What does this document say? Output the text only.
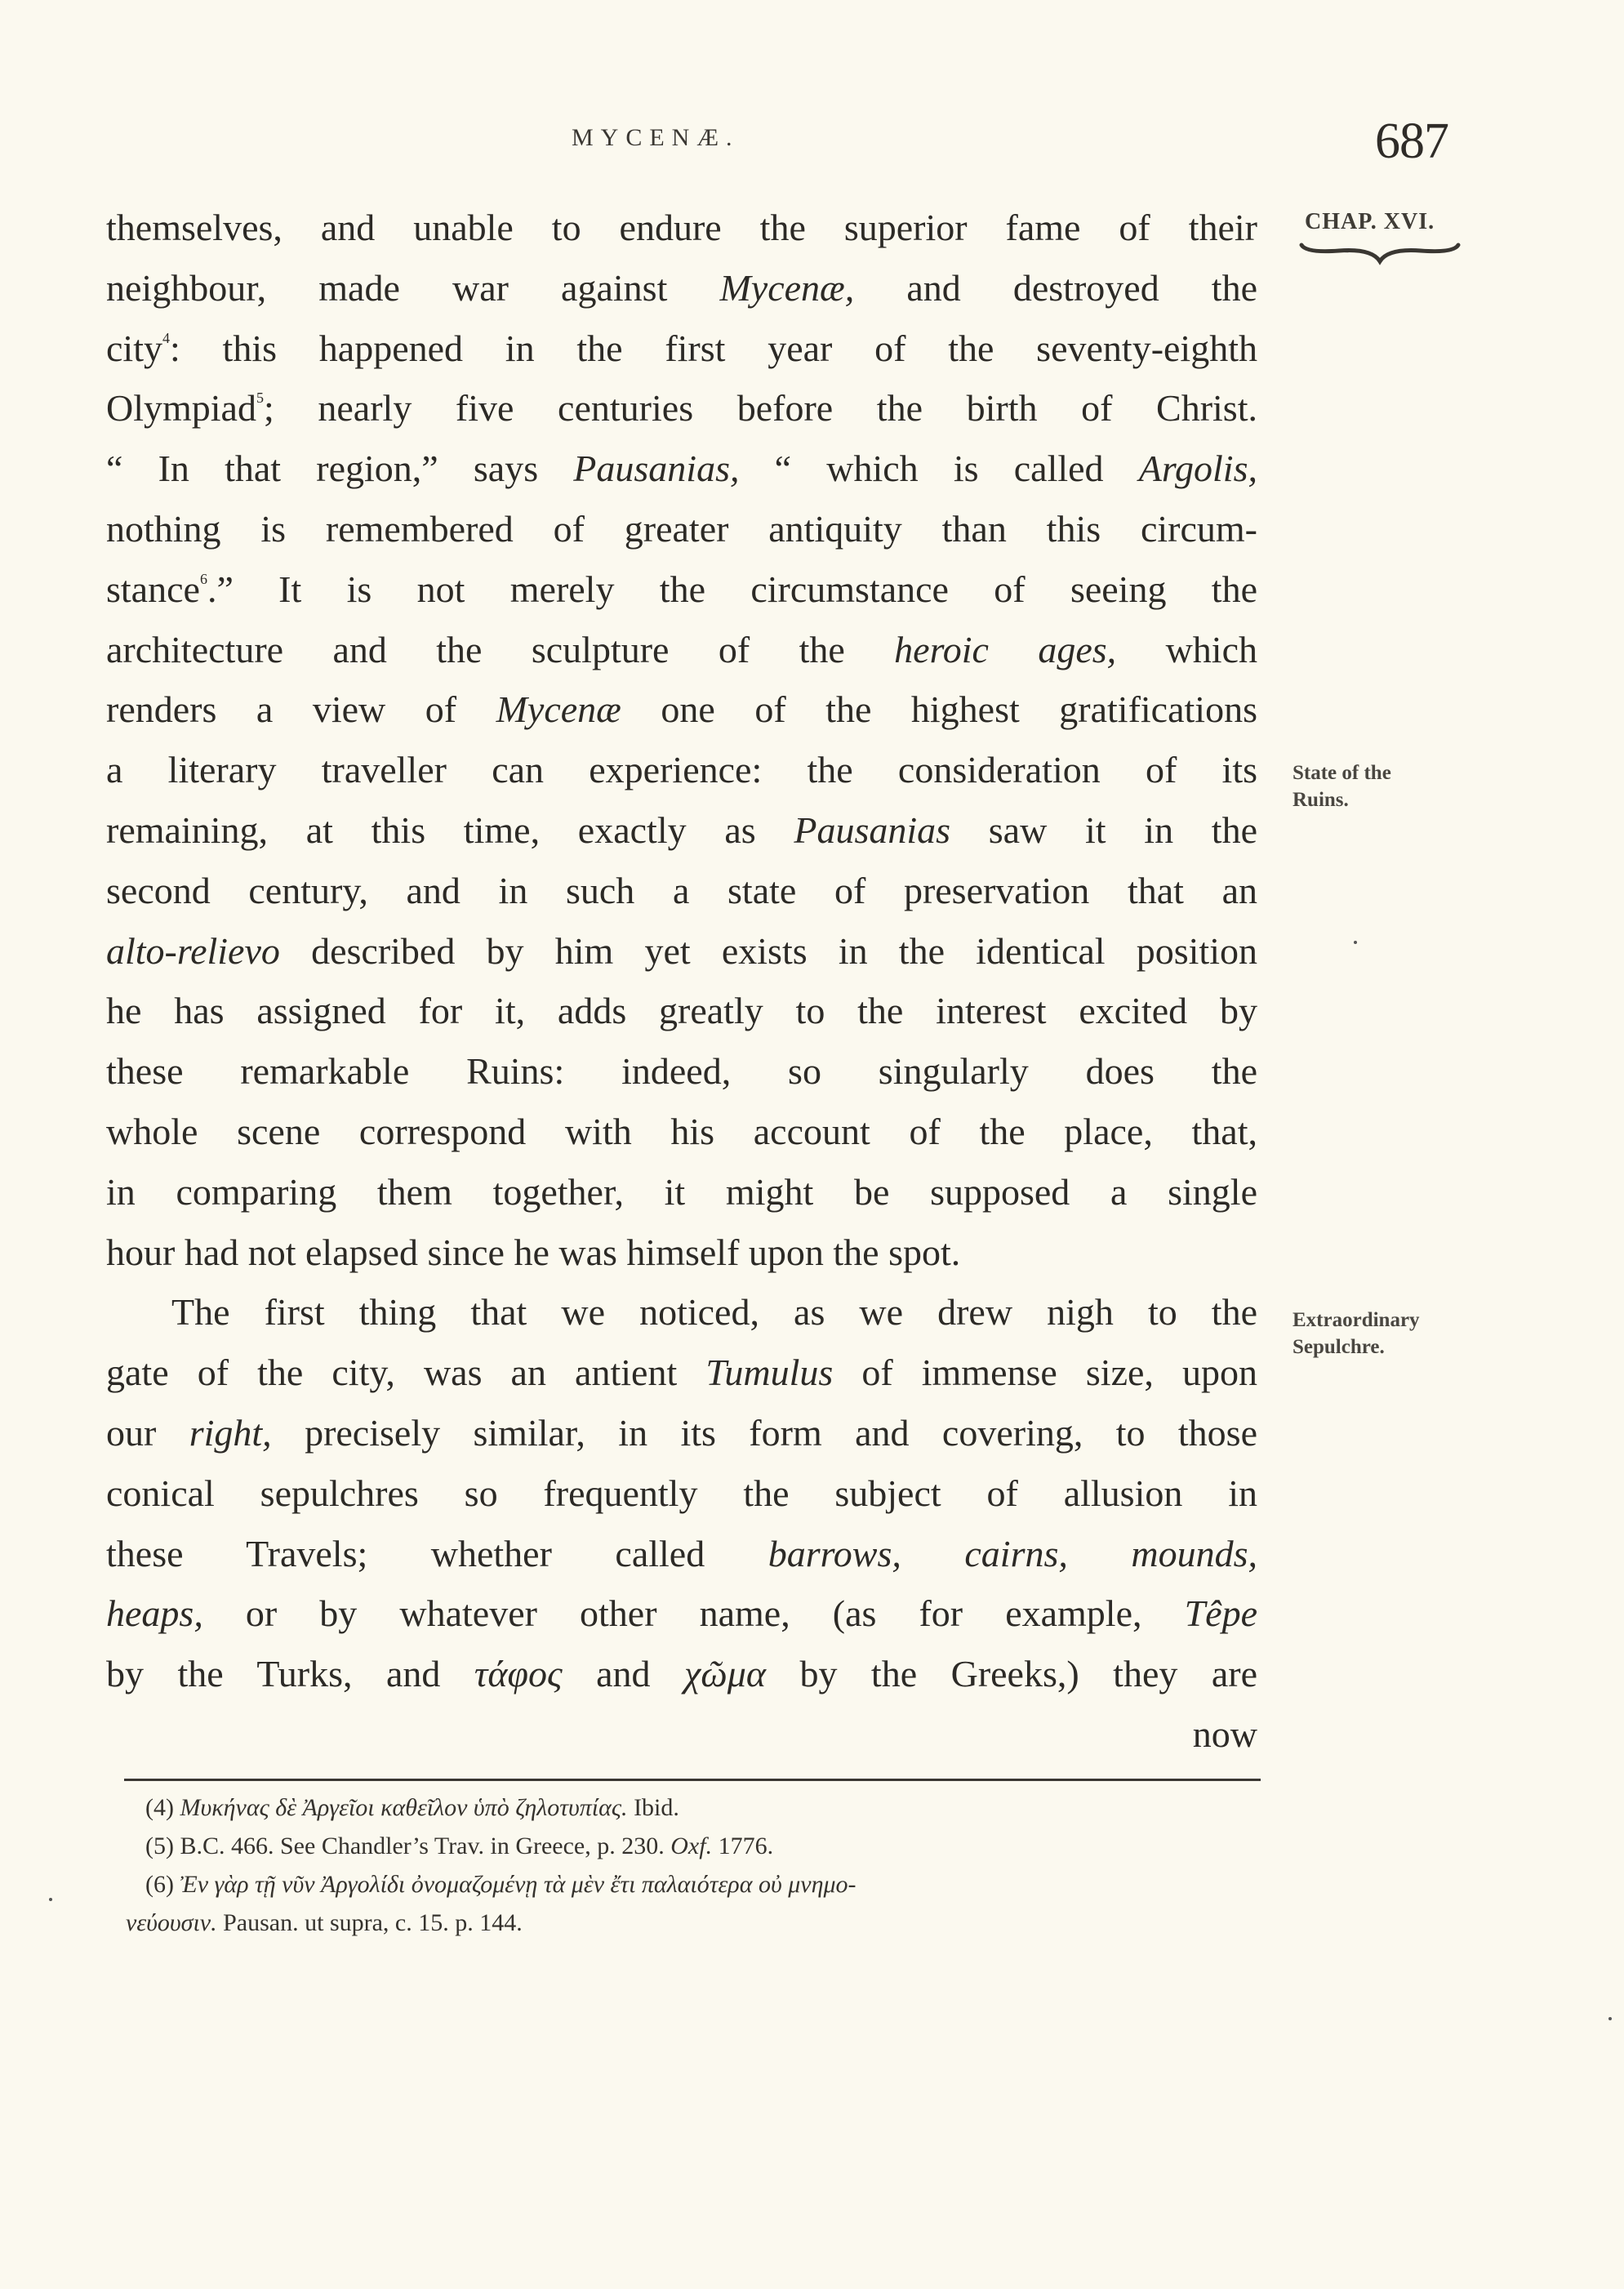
MYCENÆ.	687
CHAP. XVI.
themselves, and unable to endure the superior fame of their
neighbour, made war against Mycenæ, and destroyed the
city$^4$: this happened in the first year of the seventy-eighth
Olympiad$^5$; nearly five centuries before the birth of Christ.
“ In that region,” says Pausanias, “ which is called Argolis,
nothing is remembered of greater antiquity than this circum-
stance$^6$.” It is not merely the circumstance of seeing the
architecture and the sculpture of the heroic ages, which
renders a view of Mycenæ one of the highest gratifications
a literary traveller can experience: the consideration of its
remaining, at this time, exactly as Pausanias saw it in the
second century, and in such a state of preservation that an
alto-relievo described by him yet exists in the identical position
he has assigned for it, adds greatly to the interest excited by
these remarkable Ruins: indeed, so singularly does the
whole scene correspond with his account of the place, that,
in comparing them together, it might be supposed a single
hour had not elapsed since he was himself upon the spot.
The first thing that we noticed, as we drew nigh to the
gate of the city, was an antient Tumulus of immense size, upon
our right, precisely similar, in its form and covering, to those
conical sepulchres so frequently the subject of allusion in
these Travels; whether called barrows, cairns, mounds,
heaps, or by whatever other name, (as for example, Têpe
by the Turks, and τάφος and χῶμα by the Greeks,) they are
now
State of the
Ruins.
Extraordinary
Sepulchre.
(4) Μυκήνας δὲ Ἀργεῖοι καθεῖλον ὑπὸ ζηλοτυπίας. Ibid.
(5) B.C. 466. See Chandler’s Trav. in Greece, p. 230. Oxf. 1776.
(6) Ἐν γὰρ τῇ νῦν Ἀργολίδι ὀνομαζομένῃ τὰ μὲν ἔτι παλαιότερα οὐ μνημο-
νεύουσιν. Pausan. ut supra, c. 15. p. 144.
